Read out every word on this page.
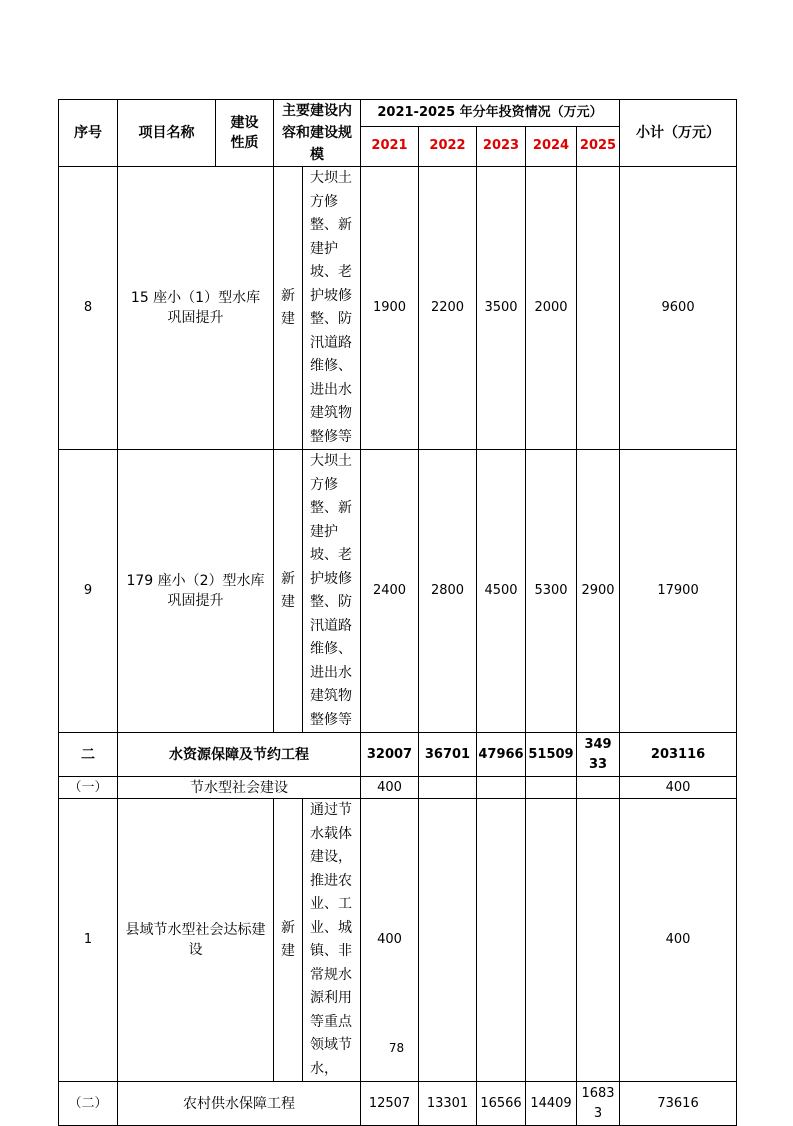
序号	项目名称	建设性质	主要建设内容和建设规模		2021-2025 年分年投资情况（万元）					小计（万元）
					2021	2022	2023	2024	2025	
8	15 座小（1）型水库巩固提升		新建	大坝土方修整、新建护坡、老护坡修整、防汛道路维修、进出水建筑物整修等	1900	2200	3500	2000		9600
9	179 座小（2）型水库巩固提升		新建	大坝土方修整、新建护坡、老护坡修整、防汛道路维修、进出水建筑物整修等	2400	2800	4500	5300	2900	17900
二	水资源保障及节约工程				32007	36701	47966	51509	34933	203116
（一）	节水型社会建设				400					400
1	县域节水型社会达标建设		新建	通过节水载体建设，推进农业、工业、城镇、非常规水源利用等重点领域节水，	400					400
（二）	农村供水保障工程				12507	13301	16566	14409	16833	73616
78
